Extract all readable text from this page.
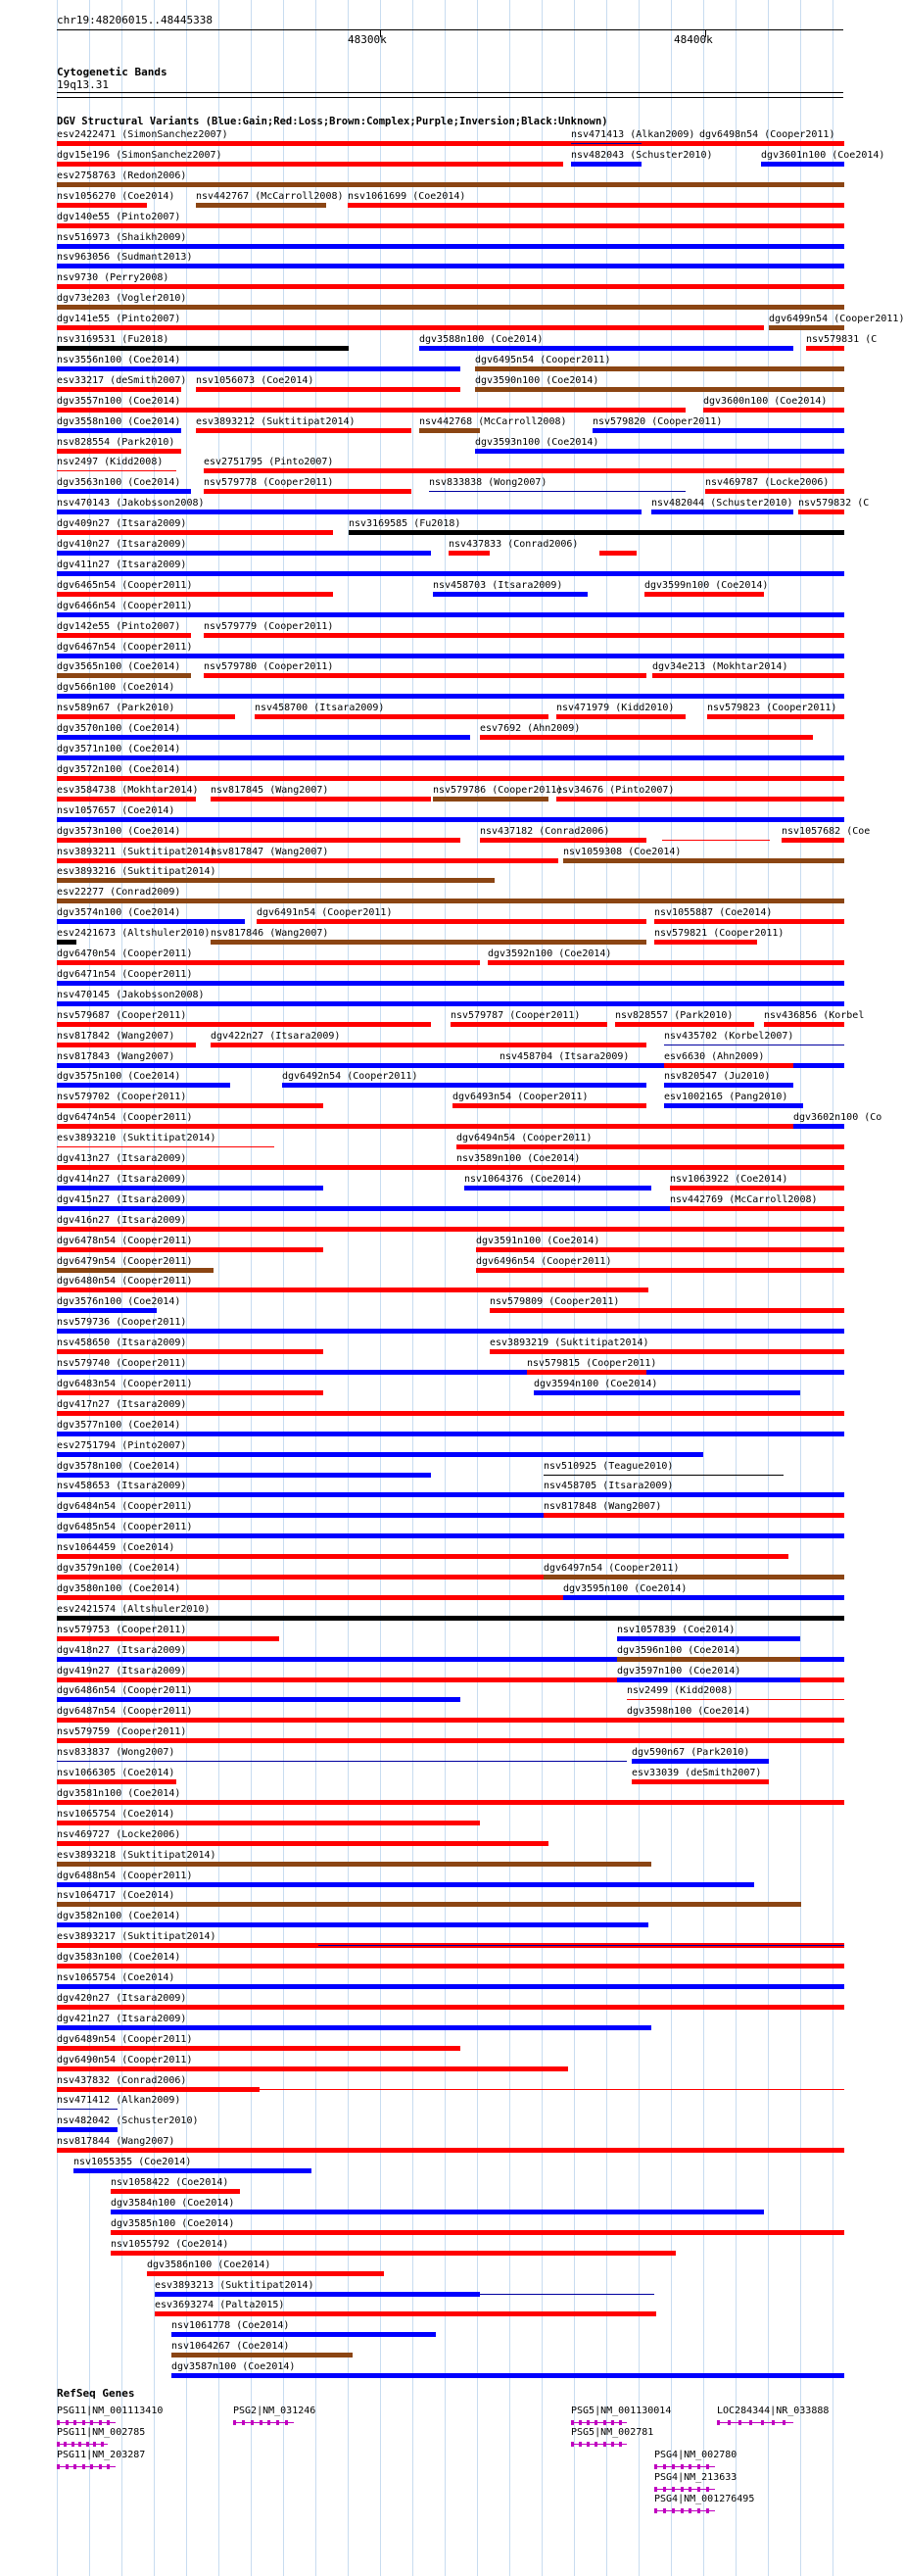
chr19:48206015..48445338
48300k	48400k
Cytogenetic Bands
19q13.31
DGV Structural Variants (Blue:Gain;Red:Loss;Brown:Complex;Purple;Inversion;Black:Unknown)
esv2422471 (SimonSanchez2007)	nsv471413 (Alkan2009) dgv6498n54 (Cooper2011)
dgv15e196 (SimonSanchez2007)	nsv482043 (Schuster2010)	dgv3601n100 (Coe2014)
esv2758763 (Redon2006)
nsv1056270 (Coe2014) nsv442767 (McCarroll2008) nsv1061699 (Coe2014)
dgv140e55 (Pinto2007)
nsv516973 (Shaikh2009)
nsv963056 (Sudmant2013)
nsv9730 (Perry2008)
dgv73e203 (Vogler2010)
dgv141e55 (Pinto2007)	dgv6499n54 (Cooper2011)
nsv3169531 (Fu2018)	dgv3588n100 (Coe2014)	nsv579831 (C
nsv3556n100 (Coe2014)	dgv6495n54 (Cooper2011)
esv33217 (deSmith2007) nsv1056073 (Coe2014)	dgv3590n100 (Coe2014)
dgv3557n100 (Coe2014)	dgv3600n100 (Coe2014)
dgv3558n100 (Coe2014) esv3893212 (Suktitipat2014)	nsv442768 (McCarroll2008)	nsv579820 (Cooper2011)
nsv828554 (Park2010)	dgv3593n100 (Coe2014)
nsv2497 (Kidd2008)	esv2751795 (Pinto2007)
dgv3563n100 (Coe2014) nsv579778 (Cooper2011)	nsv833838 (Wong2007)	nsv469787 (Locke2006)
nsv470143 (Jakobsson2008)	nsv482044 (Schuster2010) nsv579832 (C
dgv409n27 (Itsara2009)	nsv3169585 (Fu2018)
dgv410n27 (Itsara2009)	nsv437833 (Conrad2006)
dgv411n27 (Itsara2009)
dgv6465n54 (Cooper2011)	nsv458703 (Itsara2009)	dgv3599n100 (Coe2014)
dgv6466n54 (Cooper2011)
dgv142e55 (Pinto2007) nsv579779 (Cooper2011)
dgv6467n54 (Cooper2011)
dgv3565n100 (Coe2014) nsv579780 (Cooper2011)	dgv34e213 (Mokhtar2014)
dgv566n100 (Coe2014)
nsv589n67 (Park2010)	nsv458700 (Itsara2009)	nsv471979 (Kidd2010)	nsv579823 (Cooper2011)
dgv3570n100 (Coe2014)	esv7692 (Ahn2009)
dgv3571n100 (Coe2014)
dgv3572n100 (Coe2014)
esv3584738 (Mokhtar2014) nsv817845 (Wang2007)	nsv579786 (Cooper2011)
esv34676 (Pinto2007)
nsv1057657 (Coe2014)
dgv3573n100 (Coe2014)	nsv437182 (Conrad2006)	nsv1057682 (Coe
nsv3893211 (Suktitipat2014)
nsv817847 (Wang2007)	nsv1059308 (Coe2014)
esv3893216 (Suktitipat2014)
esv22277 (Conrad2009)
dgv3574n100 (Coe2014)	dgv6491n54 (Cooper2011)	nsv1055887 (Coe2014)
esv2421673 (Altshuler2010) nsv817846 (Wang2007)	nsv579821 (Cooper2011)
dgv6470n54 (Cooper2011)	dgv3592n100 (Coe2014)
dgv6471n54 (Cooper2011)
nsv470145 (Jakobsson2008)
nsv579687 (Cooper2011)	nsv579787 (Cooper2011)	nsv828557 (Park2010)	nsv436856 (Korbel
nsv817842 (Wang2007)	dgv422n27 (Itsara2009)	nsv435702 (Korbel2007)
nsv817843 (Wang2007)	nsv458704 (Itsara2009)	esv6630 (Ahn2009)
dgv3575n100 (Coe2014)	dgv6492n54 (Cooper2011)	nsv820547 (Ju2010)
nsv579702 (Cooper2011)	dgv6493n54 (Cooper2011)	esv1002165 (Pang2010)
dgv6474n54 (Cooper2011)	dgv3602n100 (Co
esv3893210 (Suktitipat2014)	dgv6494n54 (Cooper2011)
dgv413n27 (Itsara2009)	nsv3589n100 (Coe2014)
dgv414n27 (Itsara2009)	nsv1064376 (Coe2014)	nsv1063922 (Coe2014)
dgv415n27 (Itsara2009)	nsv442769 (McCarroll2008)
dgv416n27 (Itsara2009)
dgv6478n54 (Cooper2011)	dgv3591n100 (Coe2014)
dgv6479n54 (Cooper2011)	dgv6496n54 (Cooper2011)
dgv6480n54 (Cooper2011)
dgv3576n100 (Coe2014)	nsv579809 (Cooper2011)
nsv579736 (Cooper2011)
nsv458650 (Itsara2009)	esv3893219 (Suktitipat2014)
nsv579740 (Cooper2011)	nsv579815 (Cooper2011)
dgv6483n54 (Cooper2011)	dgv3594n100 (Coe2014)
dgv417n27 (Itsara2009)
dgv3577n100 (Coe2014)
esv2751794 (Pinto2007)
dgv3578n100 (Coe2014)	nsv510925 (Teague2010)
nsv458653 (Itsara2009)	nsv458705 (Itsara2009)
dgv6484n54 (Cooper2011)	nsv817848 (Wang2007)
dgv6485n54 (Cooper2011)
nsv1064459 (Coe2014)
dgv3579n100 (Coe2014)	dgv6497n54 (Cooper2011)
dgv3580n100 (Coe2014)	dgv3595n100 (Coe2014)
esv2421574 (Altshuler2010)
nsv579753 (Cooper2011)	nsv1057839 (Coe2014)
dgv418n27 (Itsara2009)	dgv3596n100 (Coe2014)
dgv419n27 (Itsara2009)	dgv3597n100 (Coe2014)
dgv6486n54 (Cooper2011)	nsv2499 (Kidd2008)
dgv6487n54 (Cooper2011)	dgv3598n100 (Coe2014)
nsv579759 (Cooper2011)
nsv833837 (Wong2007)	dgv590n67 (Park2010)
nsv1066305 (Coe2014)	esv33039 (deSmith2007)
dgv3581n100 (Coe2014)
nsv1065754 (Coe2014)
nsv469727 (Locke2006)
esv3893218 (Suktitipat2014)
dgv6488n54 (Cooper2011)
nsv1064717 (Coe2014)
dgv3582n100 (Coe2014)
esv3893217 (Suktitipat2014)
dgv3583n100 (Coe2014)
nsv1065754 (Coe2014)
dgv420n27 (Itsara2009)
dgv421n27 (Itsara2009)
dgv6489n54 (Cooper2011)
dgv6490n54 (Cooper2011)
nsv437832 (Conrad2006)
nsv471412 (Alkan2009)
nsv482042 (Schuster2010)
nsv817844 (Wang2007)
nsv1055355 (Coe2014)
nsv1058422 (Coe2014)
dgv3584n100 (Coe2014)
dgv3585n100 (Coe2014)
nsv1055792 (Coe2014)
dgv3586n100 (Coe2014)
esv3893213 (Suktitipat2014)
esv3693274 (Palta2015)
nsv1061778 (Coe2014)
nsv1064267 (Coe2014)
dgv3587n100 (Coe2014)
RefSeq Genes
PSG11|NM_001113410	PSG2|NM_031246	PSG5|NM_001130014	LOC284344|NR_033888
PSG11|NM_002785	PSG5|NM_002781
PSG11|NM_203287	PSG4|NM_002780
PSG4|NM_213633
PSG4|NM_001276495
